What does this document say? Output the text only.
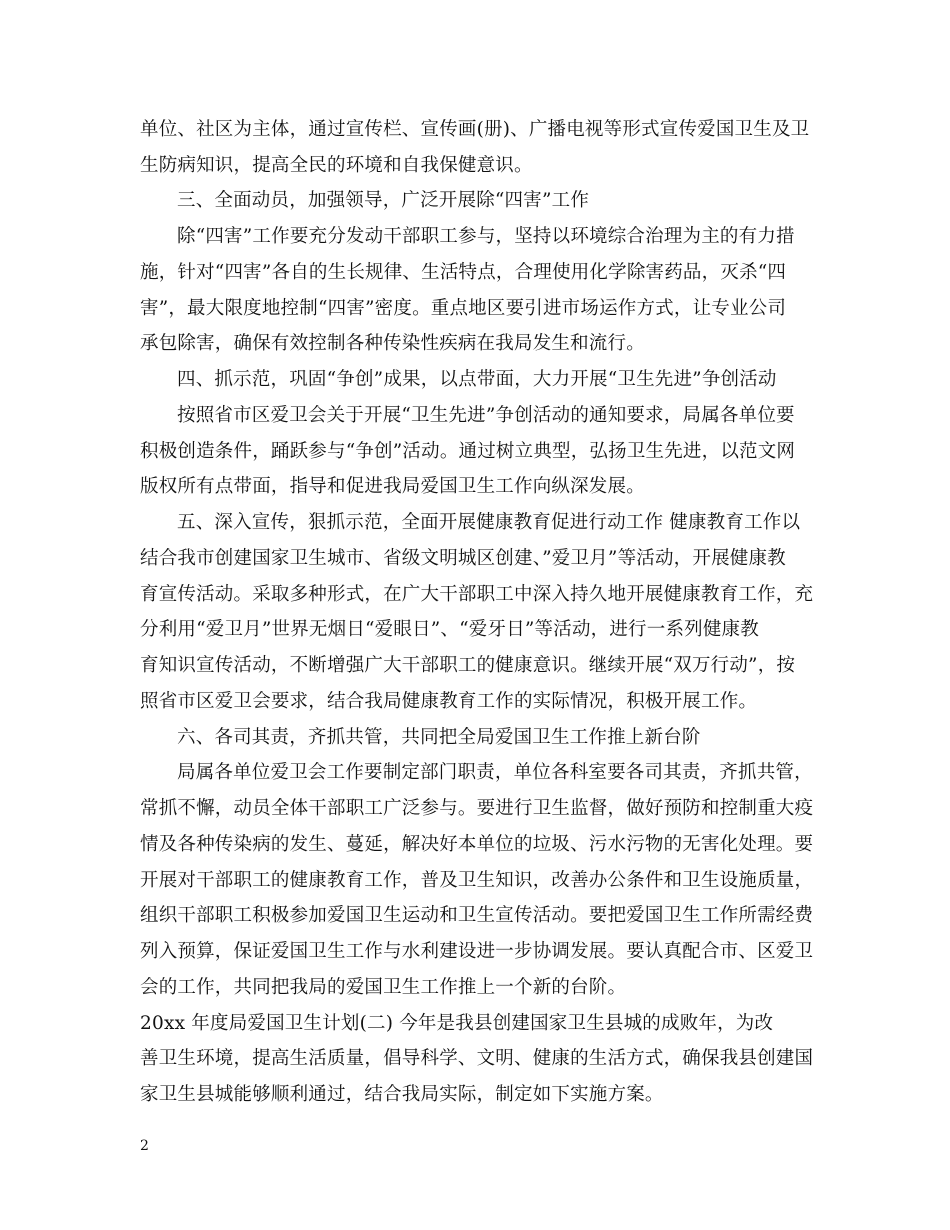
单位、社区为主体，通过宣传栏、宣传画(册)、广播电视等形式宣传爱国卫生及卫
生防病知识，提高全民的环境和自我保健意识。
三、全面动员，加强领导，广泛开展除“四害”工作
除“四害”工作要充分发动干部职工参与，坚持以环境综合治理为主的有力措
施，针对“四害”各自的生长规律、生活特点，合理使用化学除害药品，灭杀“四
害”，最大限度地控制“四害”密度。重点地区要引进市场运作方式，让专业公司
承包除害，确保有效控制各种传染性疾病在我局发生和流行。
四、抓示范，巩固“争创”成果，以点带面，大力开展“卫生先进”争创活动
按照省市区爱卫会关于开展“卫生先进”争创活动的通知要求，局属各单位要
积极创造条件，踊跃参与“争创”活动。通过树立典型，弘扬卫生先进，以范文网
版权所有点带面，指导和促进我局爱国卫生工作向纵深发展。
五、深入宣传，狠抓示范，全面开展健康教育促进行动工作 健康教育工作以
结合我市创建国家卫生城市、省级文明城区创建、”爱卫月”等活动，开展健康教
育宣传活动。采取多种形式，在广大干部职工中深入持久地开展健康教育工作，充
分利用“爱卫月”世界无烟日“爱眼日”、“爱牙日”等活动，进行一系列健康教
育知识宣传活动，不断增强广大干部职工的健康意识。继续开展“双万行动”，按
照省市区爱卫会要求，结合我局健康教育工作的实际情况，积极开展工作。
六、各司其责，齐抓共管，共同把全局爱国卫生工作推上新台阶
局属各单位爱卫会工作要制定部门职责，单位各科室要各司其责，齐抓共管，
常抓不懈，动员全体干部职工广泛参与。要进行卫生监督，做好预防和控制重大疫
情及各种传染病的发生、蔓延，解决好本单位的垃圾、污水污物的无害化处理。要
开展对干部职工的健康教育工作，普及卫生知识，改善办公条件和卫生设施质量，
组织干部职工积极参加爱国卫生运动和卫生宣传活动。要把爱国卫生工作所需经费
列入预算，保证爱国卫生工作与水利建设进一步协调发展。要认真配合市、区爱卫
会的工作，共同把我局的爱国卫生工作推上一个新的台阶。
20xx 年度局爱国卫生计划(二) 今年是我县创建国家卫生县城的成败年，为改
善卫生环境，提高生活质量，倡导科学、文明、健康的生活方式，确保我县创建国
家卫生县城能够顺利通过，结合我局实际，制定如下实施方案。
2
